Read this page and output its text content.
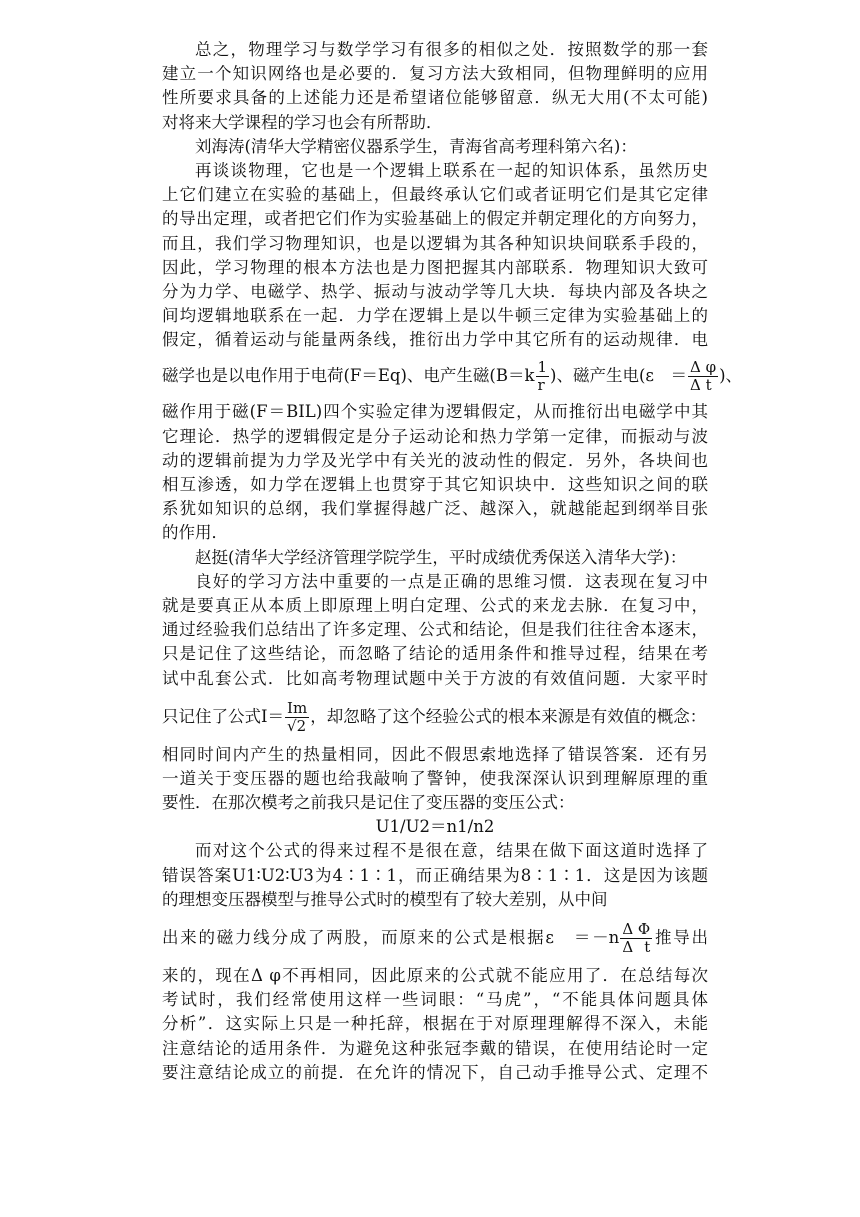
总之，物理学习与数学学习有很多的相似之处．按照数学的那一套
建立一个知识网络也是必要的．复习方法大致相同，但物理鲜明的应用
性所要求具备的上述能力还是希望诸位能够留意．纵无大用(不太可能)
对将来大学课程的学习也会有所帮助．
刘海涛(清华大学精密仪器系学生，青海省高考理科第六名)：
再谈谈物理，它也是一个逻辑上联系在一起的知识体系，虽然历史
上它们建立在实验的基础上，但最终承认它们或者证明它们是其它定律
的导出定理，或者把它们作为实验基础上的假定并朝定理化的方向努力，
而且，我们学习物理知识，也是以逻辑为其各种知识块间联系手段的，
因此，学习物理的根本方法也是力图把握其内部联系．物理知识大致可
分为力学、电磁学、热学、振动与波动学等几大块．每块内部及各块之
间均逻辑地联系在一起．力学在逻辑上是以牛顿三定律为实验基础上的
假定，循着运动与能量两条线，推衍出力学中其它所有的运动规律．电
磁学也是以电作用于电荷(F＝Eq)、电产生磁($B=k \frac{1}{r}$ )、磁产生电(ε　＝ $\frac{\text{Δ φ}}{\text{Δ t}}$ )、
磁作用于磁(F＝BIL)四个实验定律为逻辑假定，从而推衍出电磁学中其
它理论．热学的逻辑假定是分子运动论和热力学第一定律，而振动与波
动的逻辑前提为力学及光学中有关光的波动性的假定．另外，各块间也
相互渗透，如力学在逻辑上也贯穿于其它知识块中．这些知识之间的联
系犹如知识的总纲，我们掌握得越广泛、越深入，就越能起到纲举目张
的作用．
赵挺(清华大学经济管理学院学生，平时成绩优秀保送入清华大学)：
良好的学习方法中重要的一点是正确的思维习惯．这表现在复习中
就是要真正从本质上即原理上明白定理、公式的来龙去脉．在复习中，
通过经验我们总结出了许多定理、公式和结论，但是我们往往舍本逐末，
只是记住了这些结论，而忽略了结论的适用条件和推导过程，结果在考
试中乱套公式．比如高考物理试题中关于方波的有效值问题．大家平时
只记住了公式$I= \frac{Im}{√2}$ ，却忽略了这个经验公式的根本来源是有效值的概念：
相同时间内产生的热量相同，因此不假思索地选择了错误答案．还有另
一道关于变压器的题也给我敲响了警钟，使我深深认识到理解原理的重
要性．在那次模考之前我只是记住了变压器的变压公式：
U1/U2＝n1/n2
而对这个公式的得来过程不是很在意，结果在做下面这道时选择了
错误答案U1∶U2∶U3为4∶1∶1，而正确结果为8∶1∶1．这是因为该题
的理想变压器模型与推导公式时的模型有了较大差别，从中间
出来的磁力线分成了两股，而原来的公式是根据ε　$=-n \frac{\text{Δ Φ}}{\text{Δ t}}$ 推导出
来的，现在Δ φ不再相同，因此原来的公式就不能应用了．在总结每次
考试时，我们经常使用这样一些词眼：“马虎”，“不能具体问题具体
分析”．这实际上只是一种托辞，根据在于对原理理解得不深入，未能
注意结论的适用条件．为避免这种张冠李戴的错误，在使用结论时一定
要注意结论成立的前提．在允许的情况下，自己动手推导公式、定理不
